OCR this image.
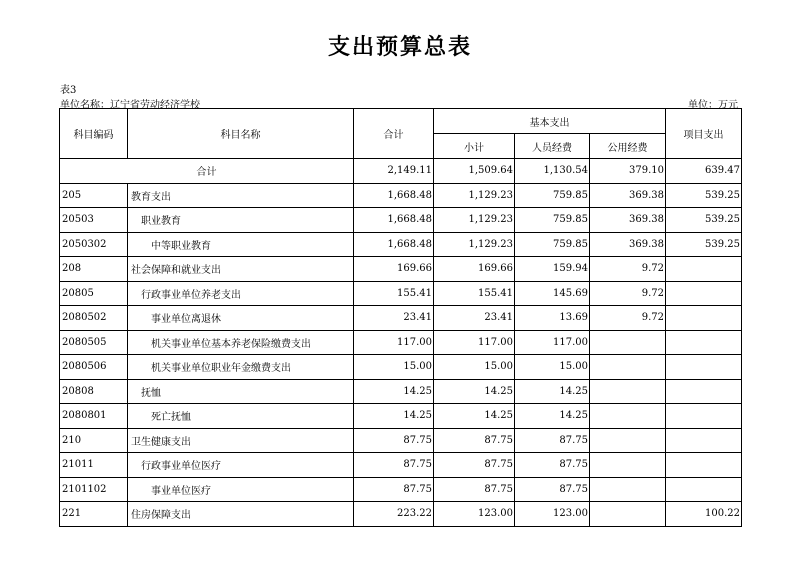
支出预算总表
表3
单位名称：辽宁省劳动经济学校	单位：万元
科目编码	科目名称	合计	基本支出			项目支出
			小计	人员经费	公用经费	
合计		2,149.11	1,509.64	1,130.54	379.10	639.47
205	教育支出	1,668.48	1,129.23	759.85	369.38	539.25
20503	职业教育	1,668.48	1,129.23	759.85	369.38	539.25
2050302	中等职业教育	1,668.48	1,129.23	759.85	369.38	539.25
208	社会保障和就业支出	169.66	169.66	159.94	9.72	
20805	行政事业单位养老支出	155.41	155.41	145.69	9.72	
2080502	事业单位离退休	23.41	23.41	13.69	9.72	
2080505	机关事业单位基本养老保险缴费支出	117.00	117.00	117.00		
2080506	机关事业单位职业年金缴费支出	15.00	15.00	15.00		
20808	抚恤	14.25	14.25	14.25		
2080801	死亡抚恤	14.25	14.25	14.25		
210	卫生健康支出	87.75	87.75	87.75		
21011	行政事业单位医疗	87.75	87.75	87.75		
2101102	事业单位医疗	87.75	87.75	87.75		
221	住房保障支出	223.22	123.00	123.00		100.22
